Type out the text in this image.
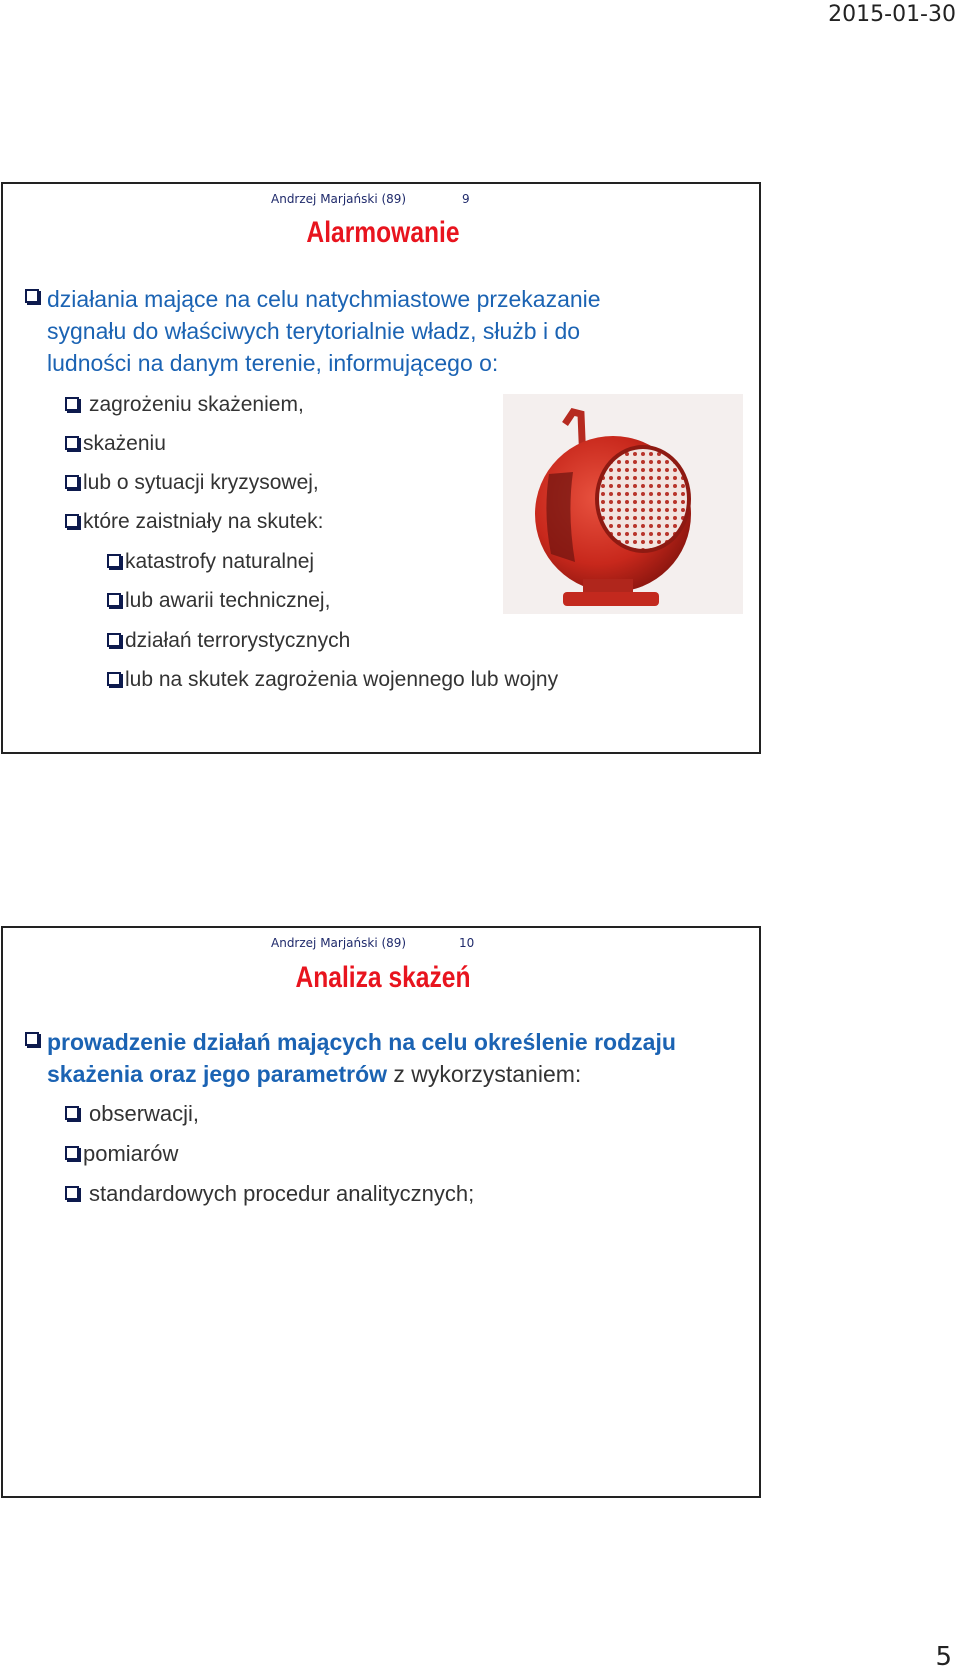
2015-01-30
Andrzej Marjański (89)	9
Alarmowanie
działania mające na celu natychmiastowe przekazanie
sygnału do właściwych terytorialnie władz, służb i do
ludności na danym terenie, informującego o:
zagrożeniu skażeniem,
skażeniu
lub o sytuacji kryzysowej,
które zaistniały na skutek:
katastrofy naturalnej
lub awarii technicznej,
działań terrorystycznych
lub na skutek zagrożenia wojennego lub wojny
Andrzej Marjański (89)	10
Analiza skażeń
prowadzenie działań mających na celu określenie rodzaju
skażenia oraz jego parametrów z wykorzystaniem:
obserwacji,
pomiarów
standardowych procedur analitycznych;
5
